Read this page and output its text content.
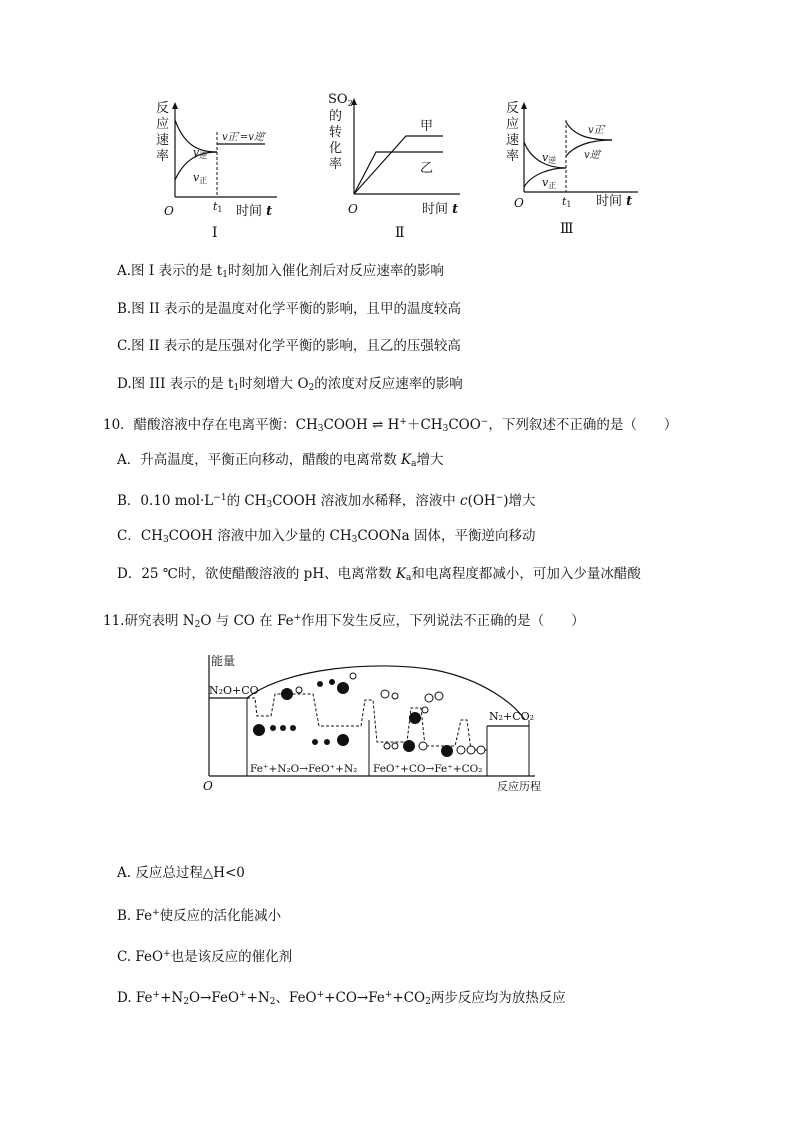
反
应
速
率
v正′=v逆′
v逆
v正
O	t1 时间 t
Ⅰ
$SO_2$
的
转
化
率
甲
乙
O	时间 t
Ⅱ
反
应
速
率
v正′
v逆′
v逆
v正
O	t1 时间 t
Ⅲ
A.图 I 表示的是 t1时刻加入催化剂后对反应速率的影响
B.图 II 表示的是温度对化学平衡的影响，且甲的温度较高
C.图 II 表示的是压强对化学平衡的影响，且乙的压强较高
D.图 III 表示的是 t1时刻增大 O2的浓度对反应速率的影响
10．醋酸溶液中存在电离平衡：CH3COOH ⇌ H+＋CH3COO−，下列叙述不正确的是（　　）
A．升高温度，平衡正向移动，醋酸的电离常数 Ka增大
B．0.10 $mol\cdot L^{-1}$的 CH3COOH 溶液加水稀释，溶液中 c(OH−)增大
C．CH3COOH 溶液中加入少量的 CH3COONa 固体，平衡逆向移动
D．25 ℃时，欲使醋酸溶液的 pH、电离常数 Ka和电离程度都减小，可加入少量冰醋酸
11.研究表明 N2O 与 CO 在 Fe+作用下发生反应，下列说法不正确的是（　　）
能量
N₂O+CO
N₂+CO₂
Fe⁺+N₂O→FeO⁺+N₂ FeO⁺+CO→Fe⁺+CO₂
O	反应历程
A. 反应总过程△H<0
B. Fe+使反应的活化能减小
C. FeO+也是该反应的催化剂
D. Fe++N2O→FeO++N2、FeO++CO→Fe++CO2两步反应均为放热反应
